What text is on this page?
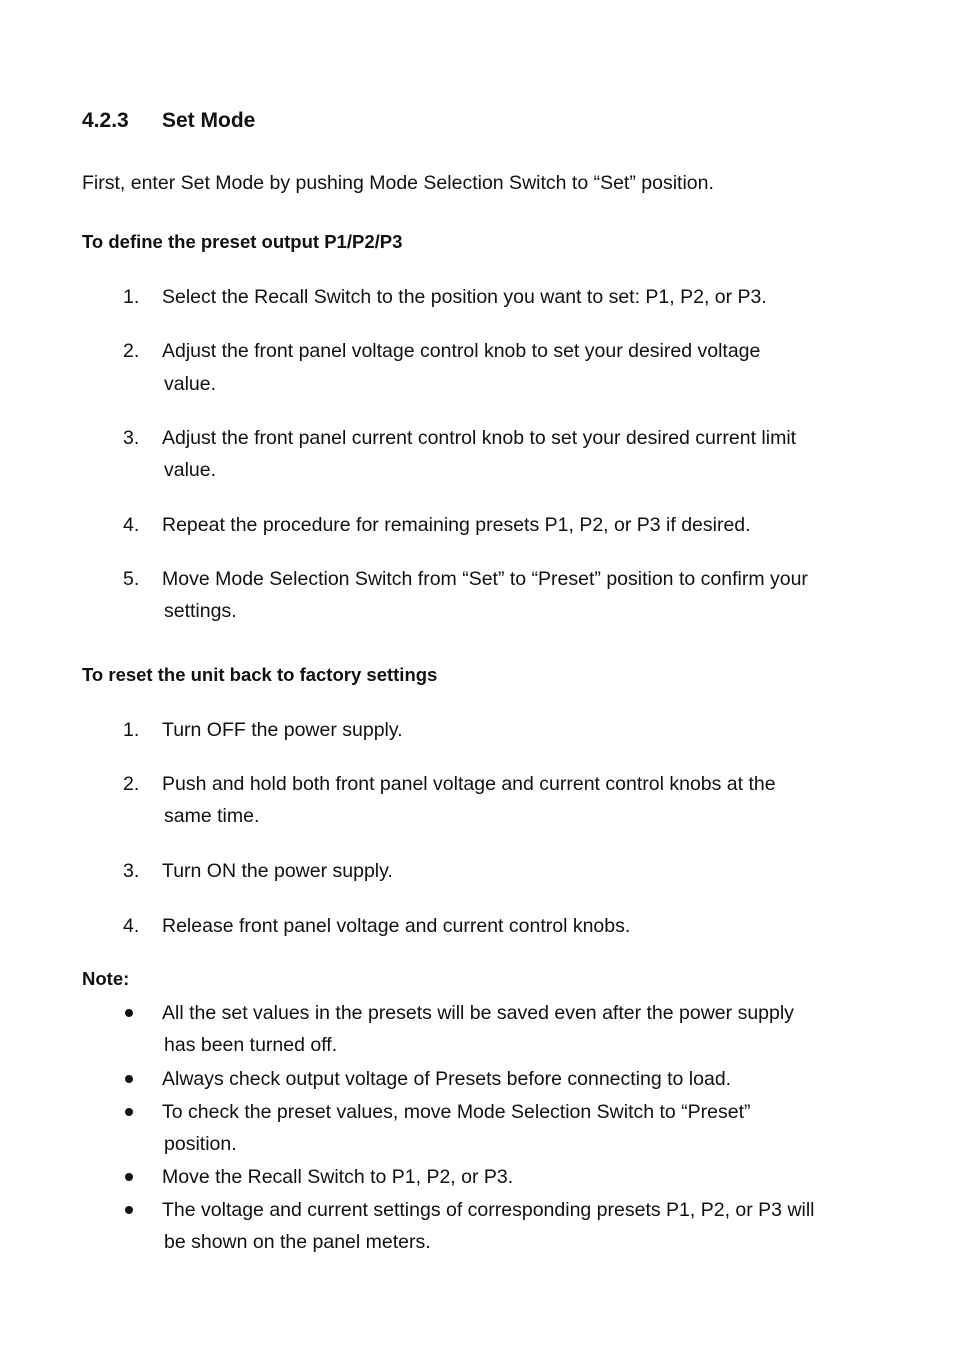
4.2.3 Set Mode
First, enter Set Mode by pushing Mode Selection Switch to “Set” position.
To define the preset output P1/P2/P3
1. Select the Recall Switch to the position you want to set: P1, P2, or P3.
2. Adjust the front panel voltage control knob to set your desired voltage
value.
3. Adjust the front panel current control knob to set your desired current limit
value.
4. Repeat the procedure for remaining presets P1, P2, or P3 if desired.
5. Move Mode Selection Switch from “Set” to “Preset” position to confirm your
settings.
To reset the unit back to factory settings
1. Turn OFF the power supply.
2. Push and hold both front panel voltage and current control knobs at the
same time.
3. Turn ON the power supply.
4. Release front panel voltage and current control knobs.
Note:
All the set values in the presets will be saved even after the power supply
has been turned off.
Always check output voltage of Presets before connecting to load.
To check the preset values, move Mode Selection Switch to “Preset”
position.
Move the Recall Switch to P1, P2, or P3.
The voltage and current settings of corresponding presets P1, P2, or P3 will
be shown on the panel meters.
